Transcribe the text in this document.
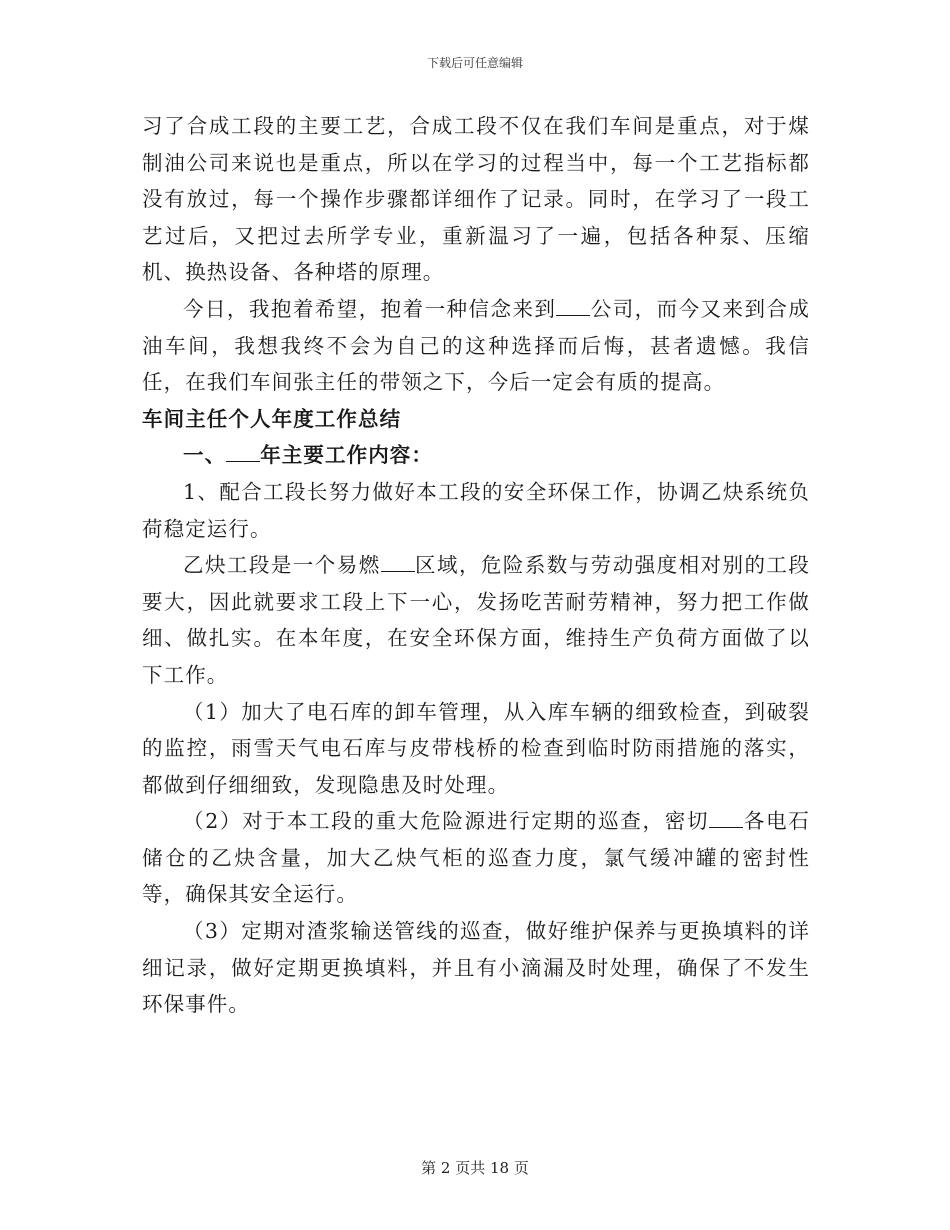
下载后可任意编辑

习了合成工段的主要工艺，合成工段不仅在我们车间是重点，对于煤制油公司来说也是重点，所以在学习的过程当中，每一个工艺指标都没有放过，每一个操作步骤都详细作了记录。同时，在学习了一段工艺过后，又把过去所学专业，重新温习了一遍，包括各种泵、压缩机、换热设备、各种塔的原理。

今日，我抱着希望，抱着一种信念来到 公司，而今又来到合成油车间，我想我终不会为自己的这种选择而后悔，甚者遗憾。我信任，在我们车间张主任的带领之下，今后一定会有质的提高。

车间主任个人年度工作总结

一、 年主要工作内容：

1、配合工段长努力做好本工段的安全环保工作，协调乙炔系统负荷稳定运行。

乙炔工段是一个易燃 区域，危险系数与劳动强度相对别的工段要大，因此就要求工段上下一心，发扬吃苦耐劳精神，努力把工作做细、做扎实。在本年度，在安全环保方面，维持生产负荷方面做了以下工作。

（1）加大了电石库的卸车管理，从入库车辆的细致检查，到破裂的监控，雨雪天气电石库与皮带栈桥的检查到临时防雨措施的落实，都做到仔细细致，发现隐患及时处理。

（2）对于本工段的重大危险源进行定期的巡查，密切 各电石储仓的乙炔含量，加大乙炔气柜的巡查力度，氯气缓冲罐的密封性等，确保其安全运行。

（3）定期对渣浆输送管线的巡查，做好维护保养与更换填料的详细记录，做好定期更换填料，并且有小滴漏及时处理，确保了不发生环保事件。

第 2 页共 18 页
